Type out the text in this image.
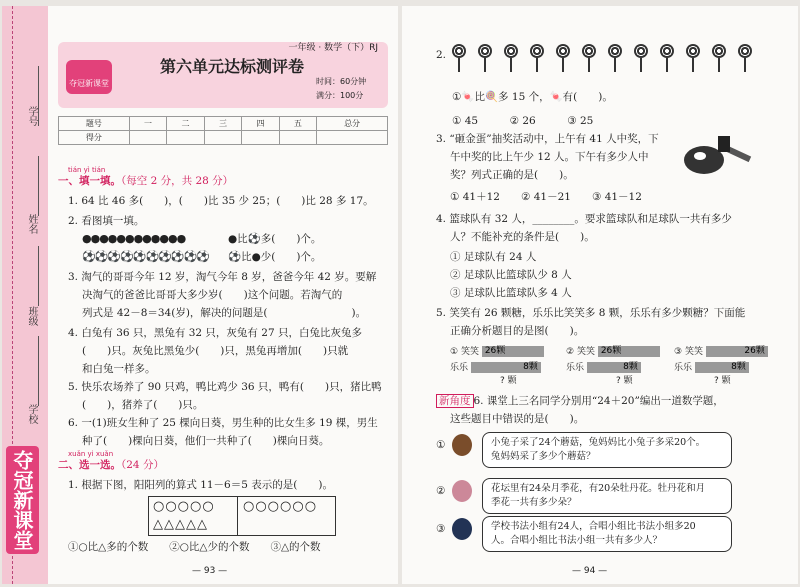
学号
姓名
班级
学校
夺冠新课堂
夺冠新课堂
一年级 · 数学（下）RJ
第六单元达标测评卷
时间：60分钟
满分：100分
题号	一	二	三	四	五	总分
得分						
tián yì tián
一、填一填。（每空 2 分，共 28 分）
1. 64 比 46 多(　　)，(　　)比 35 少 25；(　　)比 28 多 17。
2. 看图填一填。
●●●●●●●●●●●●	●比⚽多(　　)个。
⚽⚽⚽⚽⚽⚽⚽⚽⚽⚽ ⚽比●少(　　)个。
3. 淘气的哥哥今年 12 岁，淘气今年 8 岁，爸爸今年 42 岁。要解
决淘气的爸爸比哥哥大多少岁(　　)这个问题。若淘气的
列式是 42－8＝34(岁)，解决的问题是(　　　　　　　　)。
4. 白兔有 36 只，黑兔有 32 只，灰兔有 27 只，白兔比灰兔多
(　　)只。灰兔比黑兔少(　　)只，黑兔再增加(　　)只就
和白兔一样多。
5. 快乐农场养了 90 只鸡，鸭比鸡少 36 只，鸭有(　　)只，猪比鸭
(　　)，猪养了(　　)只。
6. 一(1)班女生种了 25 棵向日葵，男生种的比女生多 19 棵，男生
种了(　　)棵向日葵，他们一共种了(　　)棵向日葵。
xuǎn yi xuǎn
二、选一选。（24 分）
1. 根据下图，阳阳列的算式 11－6＝5 表示的是(　　)。
○○○○○ ○○○○○○
△△△△△
①○比△多的个数　　②○比△少的个数　　③△的个数
— 93 —
2.
①🍬比🍭多 15 个，🍬有(　　)。
① 45　　　② 26　　　③ 25
3. “砸金蛋”抽奖活动中，上午有 41 人中奖，下
午中奖的比上午少 12 人。下午有多少人中
奖？列式正确的是(　　)。
① 41＋12　　② 41－21　　③ 41－12
4. 篮球队有 32 人，________。要求篮球队和足球队一共有多少
人？不能补充的条件是(　　)。
① 足球队有 24 人
② 足球队比篮球队少 8 人
③ 足球队比篮球队多 4 人
5. 笑笑有 26 颗糖，乐乐比笑笑多 8 颗，乐乐有多少颗糖？下面能
正确分析题目的是图(　　)。
① 笑笑 26颗
乐乐	8颗
? 颗
② 笑笑 26颗
乐乐	8颗
? 颗
③ 笑笑	26颗
乐乐	8颗
? 颗
新角度 6. 课堂上三名同学分别用“24＋20”编出一道数学题，
这些题目中错误的是(　　)。
①	小兔子采了24个蘑菇，兔妈妈比小兔子多采20个。
兔妈妈采了多少个蘑菇？
②	花坛里有24朵月季花，有20朵牡丹花。牡丹花和月
季花一共有多少朵？
③	学校书法小组有24人，合唱小组比书法小组多20
人。合唱小组比书法小组一共有多少人？
— 94 —
